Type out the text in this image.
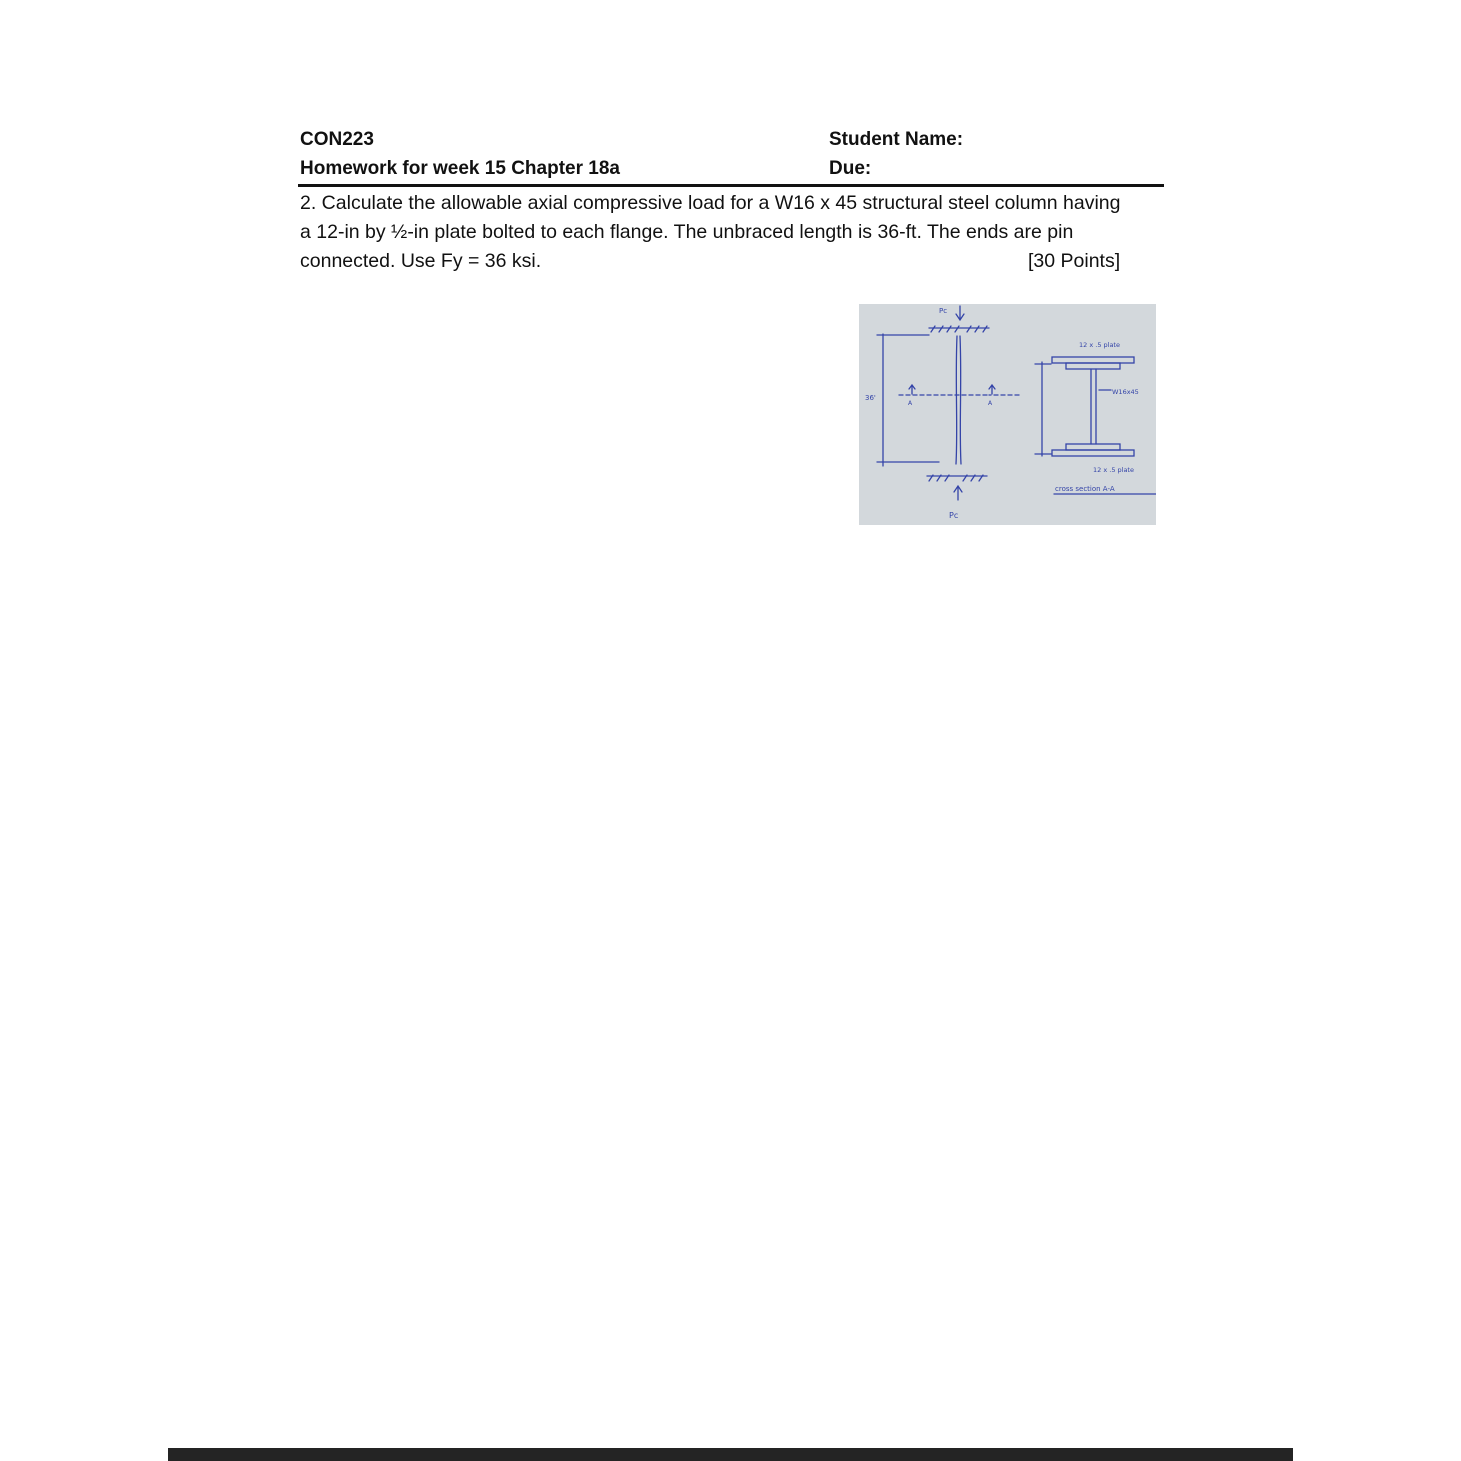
CON223
Homework for week 15 Chapter 18a
Student Name:
Due:
2. Calculate the allowable axial compressive load for a W16 x 45 structural steel column having
a 12-in by ½-in plate bolted to each flange. The unbraced length is 36-ft. The ends are pin
connected. Use Fy = 36 ksi.	[30 Points]
Pc
Pc
36'
A	A
12 x .5 plate
W16x45
12 x .5 plate
cross section A-A
